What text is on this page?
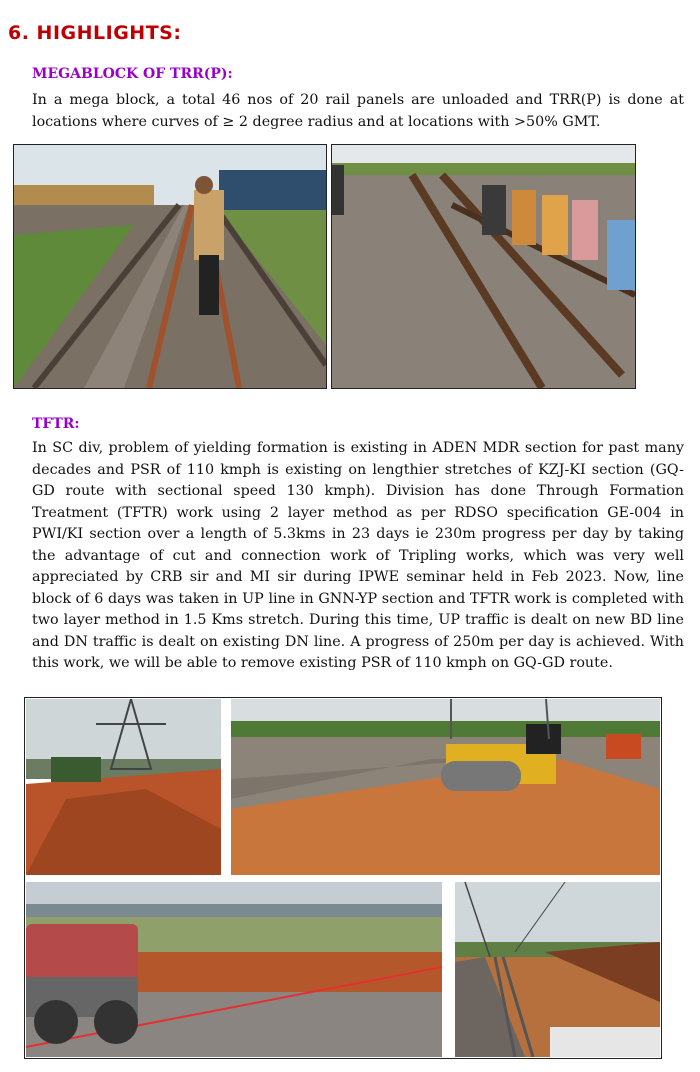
6. HIGHLIGHTS:
MEGABLOCK OF TRR(P):
In a mega block, a total 46 nos of 20 rail panels are unloaded and TRR(P) is done at locations where curves of ≥ 2 degree radius and at locations with >50% GMT.
TFTR:
In SC div, problem of yielding formation is existing in ADEN MDR section for past many decades and PSR of 110 kmph is existing on lengthier stretches of KZJ-KI section (GQ-GD route with sectional speed 130 kmph). Division has done Through Formation Treatment (TFTR) work using 2 layer method as per RDSO specification GE-004 in PWI/KI section over a length of 5.3kms in 23 days ie 230m progress per day by taking the advantage of cut and connection work of Tripling works, which was very well appreciated by CRB sir and MI sir during IPWE seminar held in Feb 2023. Now, line block of 6 days was taken in UP line in GNN-YP section and TFTR work is completed with two layer method in 1.5 Kms stretch. During this time, UP traffic is dealt on new BD line and DN traffic is dealt on existing DN line. A progress of 250m per day is achieved. With this work, we will be able to remove existing PSR of 110 kmph on GQ-GD route.
